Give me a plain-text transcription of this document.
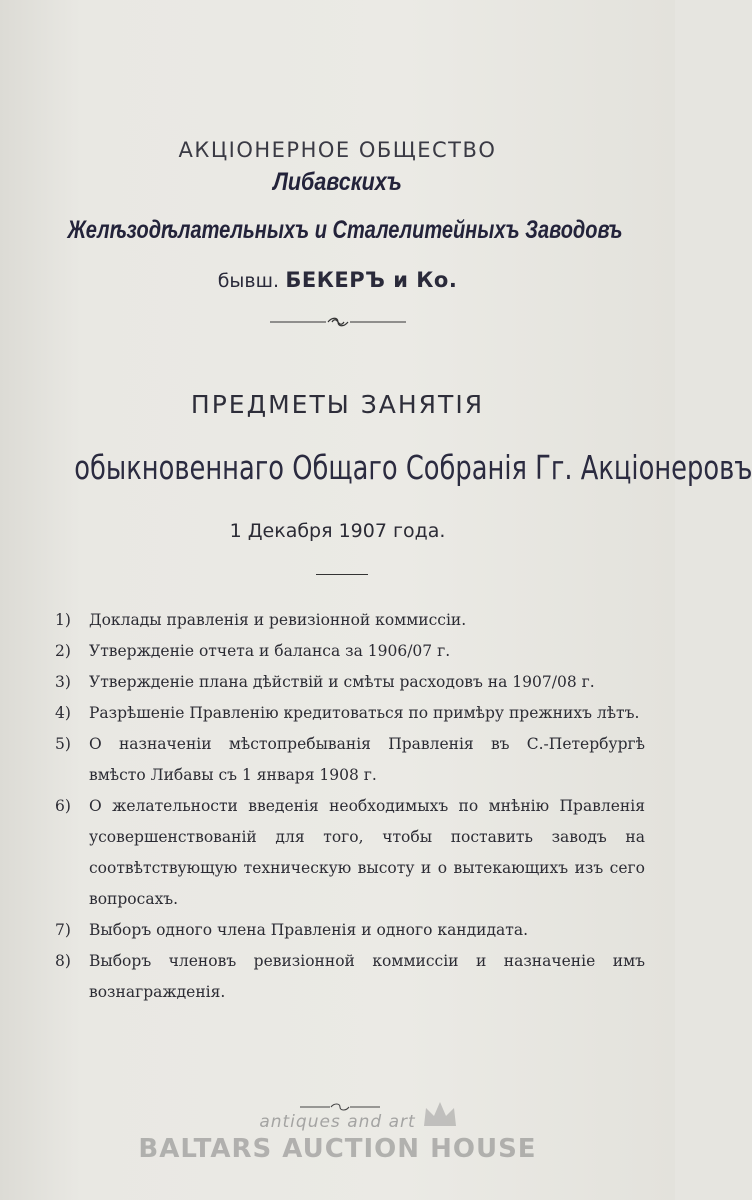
АКЦІОНЕРНОЕ ОБЩЕСТВО
Либавскихъ
Желѣзодѣлательныхъ и Сталелитейныхъ Заводовъ
бывш. БЕКЕРЪ и Ко.
ПРЕДМЕТЫ ЗАНЯТІЯ
обыкновеннаго Общаго Собранія Гг. Акціонеровъ
1 Декабря 1907 года.
1)	Доклады правленія и ревизіонной коммиссіи.
2)	Утвержденіе отчета и баланса за 1906/07 г.
3)	Утвержденіе плана дѣйствій и смѣты расходовъ на 1907/08 г.
4)	Разрѣшеніе Правленію кредитоваться по примѣру прежнихъ лѣтъ.
5)	О назначеніи мѣстопребыванія Правленія въ С.-Петербургѣ вмѣсто Либавы съ 1 января 1908 г.
6)	О желательности введенія необходимыхъ по мнѣнію Правленія усовершенствованій для того, чтобы поставить заводъ на соотвѣтствующую техническую высоту и о вытекающихъ изъ сего вопросахъ.
7)	Выборъ одного члена Правленія и одного кандидата.
8)	Выборъ членовъ ревизіонной коммиссіи и назначеніе имъ вознагражденія.
antiques and art
BALTARS AUCTION HOUSE
